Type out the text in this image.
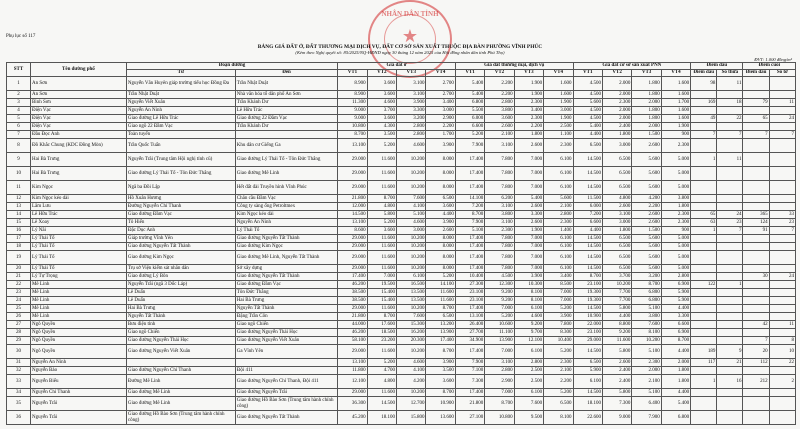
Phụ lục số 117
NHÂN DÂN TỈNH
★
BẢNG GIÁ ĐẤT Ở, ĐẤT THƯƠNG MẠI DỊCH VỤ, ĐẤT CƠ SỞ SẢN XUẤT THUỘC ĐỊA BÀN PHƯỜNG VĨNH PHÚC
(Kèm theo Nghị quyết số: 85/2025/NQ-HĐND ngày 30 tháng 12 năm 2025 của Hội đồng nhân dân tỉnh Phú Thọ)
ĐVT: 1.000 đồng/m²
STT	Tên đường phố	Đoạn đường		Giá đất ở				Giá đất thương mại, dịch vụ				Giá đất cơ sở sản xuất PNN				Điểm đầu		Điểm cuối	
		Từ	Đến	VT1	VT2	VT3	VT4	VT1	VT2	VT3	VT4	VT1	VT2	VT3	VT4	Điểm đầu	Số thửa	Điểm đầu	Số tờ
1	An Sơn	Nguyễn Văn Huyên giáp trường tiểu học Đồng Đa	Trần Nhật Duật	8.900	3.600	3.100	2.700	5.400	2.200	1.900	1.600	4.500	2.000	1.800	1.600	98	11		
2	An Sơn	Trần Nhật Duật	Nhà văn hóa tổ dân phố An Sơn	8.900	3.600	3.100	2.700	5.400	2.200	1.900	1.600	4.500	2.000	1.800	1.600				
3	Bình Sơn	Nguyễn Viết Xuân	Trần Khánh Dư	11.300	4.600	3.900	3.400	6.800	2.800	2.300	1.900	5.600	2.300	2.000	1.700	169	18	79	11
4	Điện Vạc	Nguyễn An Ninh	Lê Hữu Trác	9.000	3.700	3.300	3.000	5.500	3.800	3.400	3.000	4.500	2.000	1.800	1.600				
5	Điện Vạc	Giao đường Lê Hữu Trác	Giao đường 22 Đầm Vạc	9.000	3.600	3.200	2.900	6.000	3.600	2.300	1.900	4.500	2.000	1.800	1.600	49	22	65	24
6	Điện Vạc	Giao ngõ 22 Đầm Vạc	Trần Khánh Dư	10.800	4.300	2.800	2.200	6.600	2.600	2.200	2.500	5.400	2.400	2.000	1.900				
7	Đầu Đọc Anh	Toàn tuyến		8.700	3.500	2.800	1.700	5.200	2.100	1.800	1.100	4.400	1.800	1.500	900	7	7	7	7
8	Đồ Khắc Chung (KDC Đồng Mòn)	Trần Quốc Tuấn	Khu dân cư Giếng Ga	13.100	5.200	4.600	3.900	7.900	3.100	2.600	2.300	6.500	3.000	2.600	2.300				
9	Hai Bà Trưng	Nguyễn Trãi (Trung tâm Hội nghị tỉnh cũ)	Giao đường Lý Thái Tổ - Tôn Đức Thắng	29.000	11.600	10.200	8.000	17.400	7.800	7.000	6.100	14.500	6.500	5.600	5.000	1	11		
10	Hai Bà Trưng	Giao đường Lý Thái Tổ - Tôn Đức Thắng	Giao đường Mê Linh	29.000	11.600	10.200	8.000	17.400	7.800	7.000	6.100	14.500	6.500	5.600	5.000				
11	Kim Ngọc	Ngã ba Đồi Lập	Hết đất đài Truyền hình Vĩnh Phúc	29.000	11.600	10.200	8.000	17.400	7.800	7.000	6.100	14.500	6.500	5.600	5.000				
12	Kim Ngọc kéo dài	Hồ Xuân Hương	Chân cầu Đầm Vạc	21.800	8.700	7.600	6.500	14.100	6.200	5.400	5.600	11.500	4.800	4.200	3.800				
13	Lâm Lưu	Đường Nguyễn Chí Thanh	Công ty sàng ống Petroltmex	12.000	4.800	4.100	3.600	7.200	3.100	2.600	2.100	6.000	2.600	2.200	1.800				
14	Lê Hữu Trác	Giao đường Đầm Vạc	Kim Ngọc kéo dài	14.500	5.800	5.100	4.400	8.700	3.800	3.300	2.800	7.200	3.100	2.600	2.300	65	24	365	33
15	Lê Xoay	Tô Hiến	Nguyễn An Ninh	13.100	5.200	4.600	3.900	7.900	3.100	2.600	2.300	6.600	3.000	2.600	2.300	63	23	124	23
16	Lý Nãi	Đặc Dục Anh	Lý Thái Tổ	8.600	3.600	3.000	2.600	5.100	2.300	1.900	1.400	4.400	1.800	1.500	900	1	7	91	7
17	Lý Thái Tổ	Giáp trường Vĩnh Yên	Giao đường Nguyễn Tất Thành	29.000	11.600	10.200	8.000	17.400	7.800	7.000	6.100	14.500	6.500	5.600	5.000				
18	Lý Thái Tổ	Giao đường Nguyễn Tất Thành	Giao đường Kim Ngọc	29.000	11.600	10.200	8.000	17.400	7.800	7.000	6.100	14.500	6.500	5.600	5.000				
19	Lý Thái Tổ	Giao đường Kim Ngọc	Giao đường Mê Linh, Nguyễn Tất Thành	29.000	11.600	10.200	8.000	17.400	7.800	7.000	6.100	14.500	6.500	5.600	5.000				
20	Lý Thái Tổ	Trụ sở Viện kiểm sát nhân dân	Sở xây dựng	29.000	11.600	10.200	8.000	17.400	7.800	7.000	6.100	14.500	6.500	5.600	5.000				
21	Lý Tự Trọng	Giao đường Lý Bôn	Giao đường Nguyễn Tất Thành	17.400	7.000	6.100	5.200	10.400	4.500	3.900	3.400	8.700	3.700	3.200	2.800			30	24
22	Mê Linh	Nguyễn Trãi (ngã 3 Dốc Láp)	Giao đường Đầm Vạc	46.200	19.500	16.500	14.100	27.300	12.300	10.300	8.500	23.100	10.200	8.700	6.900	122	1		
23	Mê Linh	Lê Duẩn	Tôn Đức Thắng	38.500	15.400	13.500	11.600	23.100	9.200	8.100	7.000	19.300	7.700	6.800	5.900				
24	Mê Linh	Lê Duẩn	Hai Bà Trưng	38.500	15.400	13.500	11.600	23.100	9.200	8.100	7.000	19.300	7.700	6.800	5.900				
25	Mê Linh	Hai Bà Trưng	Nguyễn Tất Thành	29.000	11.600	10.200	8.700	17.400	7.000	6.100	5.200	14.500	5.800	5.100	4.400				
26	Mê Linh	Nguyễn Tất Thành	Đặng Trần Côn	21.800	8.700	7.600	6.500	13.100	5.200	4.600	3.900	10.900	4.400	3.800	3.300				
27	Ngô Quyền	Bưu điện tỉnh	Giao ngõ Chiến	44.000	17.600	15.300	13.200	26.400	10.600	9.200	7.800	22.000	8.800	7.600	6.600			42	11
28	Ngô Quyền	Giao ngõ Chiến	Giao đường Nguyễn Thái Học	46.200	18.500	16.200	13.900	27.700	11.100	9.700	8.300	23.100	9.200	8.100	6.900				
29	Ngô Quyền	Giao đường Nguyễn Thái Học	Giao đường Nguyễn Viết Xuân	58.100	23.200	20.300	17.400	34.900	13.900	12.100	10.400	29.000	11.600	10.200	8.700			7	8
30	Ngô Quyền	Giao đường Nguyễn Viết Xuân	Ga Vĩnh Yên	29.000	11.600	10.200	8.700	17.400	7.000	6.100	5.200	14.500	5.800	5.100	4.400	189	9	20	10
31	Nguyễn An Ninh			13.100	5.200	4.600	3.900	7.900	3.100	2.800	2.300	6.500	2.600	2.300	2.000	117	21	112	22
32	Nguyễn Bảo	Giao đường Nguyễn Chí Thanh	Đội 411	11.800	4.700	4.100	3.500	7.100	2.800	2.500	2.100	5.900	2.400	2.000	1.800				
33	Nguyễn Biểu	Đường Mê Linh	Giao đường Nguyễn Chí Thanh, Đội 411	12.100	4.800	4.200	3.600	7.300	2.900	2.500	2.200	6.100	2.400	2.100	1.800	1	16	212	2
34	Nguyễn Chí Thanh	Giao đường Mê Linh	Giao đường Nguyễn Trãi	29.000	11.600	10.200	8.700	17.400	7.000	6.100	5.200	14.500	5.800	5.100	4.400				
35	Nguyễn Trãi	Giao đường Mê Linh	Giao đường Hồ Bào Sơn (Trung tâm hành chính công)	36.300	14.500	12.700	10.900	21.800	8.700	7.600	6.500	18.100	7.300	6.400	5.400				
36	Nguyễn Trãi	Giao đường Hồ Bào Sơn (Trung tâm hành chính công)	Giao đường Nguyễn Tất Thành	45.200	18.100	15.800	13.600	27.100	10.800	9.500	8.100	22.600	9.000	7.900	6.800				
